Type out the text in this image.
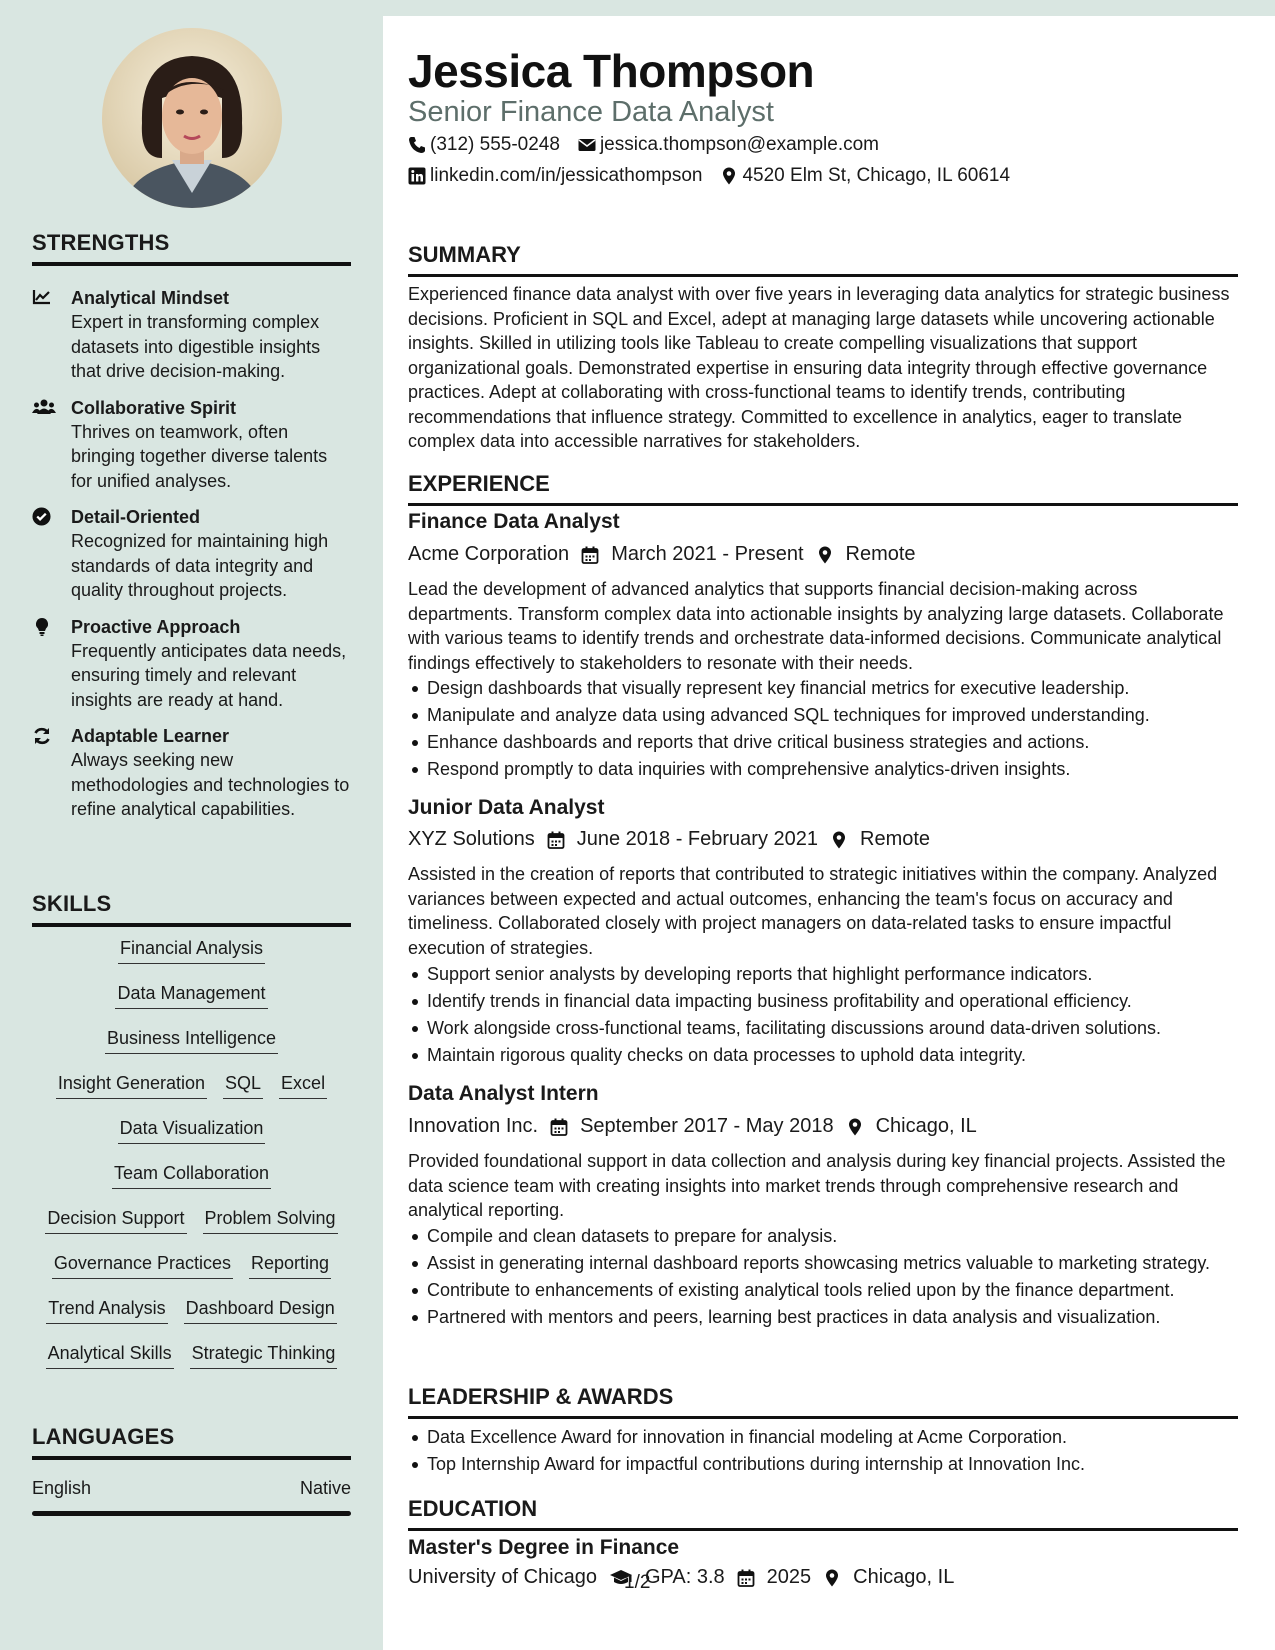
STRENGTHS
Analytical Mindset
Expert in transforming complex datasets into digestible insights that drive decision-making.
Collaborative Spirit
Thrives on teamwork, often bringing together diverse talents for unified analyses.
Detail-Oriented
Recognized for maintaining high standards of data integrity and quality throughout projects.
Proactive Approach
Frequently anticipates data needs, ensuring timely and relevant insights are ready at hand.
Adaptable Learner
Always seeking new methodologies and technologies to refine analytical capabilities.
SKILLS
Financial Analysis
Data Management
Business Intelligence
Insight Generation SQL Excel
Data Visualization
Team Collaboration
Decision Support Problem Solving
Governance Practices Reporting
Trend Analysis Dashboard Design
Analytical Skills Strategic Thinking
LANGUAGES
English	Native
Jessica Thompson
Senior Finance Data Analyst
(312) 555-0248 jessica.thompson@example.com
linkedin.com/in/jessicathompson 4520 Elm St, Chicago, IL 60614
SUMMARY
Experienced finance data analyst with over five years in leveraging data analytics for strategic business decisions. Proficient in SQL and Excel, adept at managing large datasets while uncovering actionable insights. Skilled in utilizing tools like Tableau to create compelling visualizations that support organizational goals. Demonstrated expertise in ensuring data integrity through effective governance practices. Adept at collaborating with cross-functional teams to identify trends, contributing recommendations that influence strategy. Committed to excellence in analytics, eager to translate complex data into accessible narratives for stakeholders.
EXPERIENCE
Finance Data Analyst
Acme Corporation March 2021 - Present Remote
Lead the development of advanced analytics that supports financial decision-making across departments. Transform complex data into actionable insights by analyzing large datasets. Collaborate with various teams to identify trends and orchestrate data-informed decisions. Communicate analytical findings effectively to stakeholders to resonate with their needs.
Design dashboards that visually represent key financial metrics for executive leadership.
Manipulate and analyze data using advanced SQL techniques for improved understanding.
Enhance dashboards and reports that drive critical business strategies and actions.
Respond promptly to data inquiries with comprehensive analytics-driven insights.
Junior Data Analyst
XYZ Solutions June 2018 - February 2021 Remote
Assisted in the creation of reports that contributed to strategic initiatives within the company. Analyzed variances between expected and actual outcomes, enhancing the team's focus on accuracy and timeliness. Collaborated closely with project managers on data-related tasks to ensure impactful execution of strategies.
Support senior analysts by developing reports that highlight performance indicators.
Identify trends in financial data impacting business profitability and operational efficiency.
Work alongside cross-functional teams, facilitating discussions around data-driven solutions.
Maintain rigorous quality checks on data processes to uphold data integrity.
Data Analyst Intern
Innovation Inc. September 2017 - May 2018 Chicago, IL
Provided foundational support in data collection and analysis during key financial projects. Assisted the data science team with creating insights into market trends through comprehensive research and analytical reporting.
Compile and clean datasets to prepare for analysis.
Assist in generating internal dashboard reports showcasing metrics valuable to marketing strategy.
Contribute to enhancements of existing analytical tools relied upon by the finance department.
Partnered with mentors and peers, learning best practices in data analysis and visualization.
LEADERSHIP & AWARDS
Data Excellence Award for innovation in financial modeling at Acme Corporation.
Top Internship Award for impactful contributions during internship at Innovation Inc.
EDUCATION
Master's Degree in Finance
University of Chicago GPA: 3.8 2025 Chicago, IL
1/2
